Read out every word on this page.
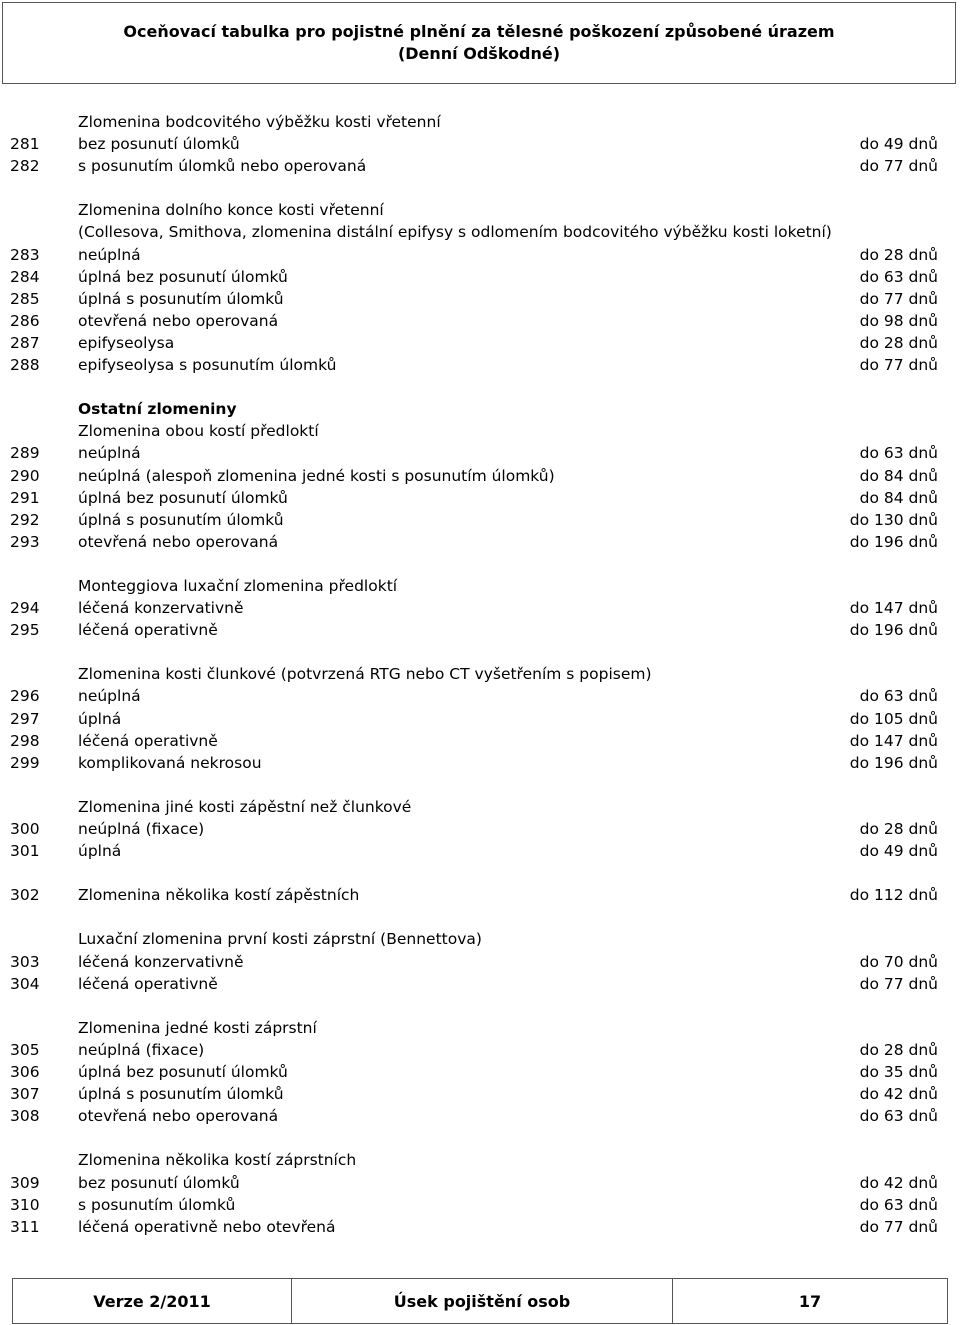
Oceňovací tabulka pro pojistné plnění za tělesné poškození způsobené úrazem
(Denní Odškodné)
Zlomenina bodcovitého výběžku kosti vřetenní
281 bez posunutí úlomků	do 49 dnů
282 s posunutím úlomků nebo operovaná	do 77 dnů
Zlomenina dolního konce kosti vřetenní
(Collesova, Smithova, zlomenina distální epifysy s odlomením bodcovitého výběžku kosti loketní)
283 neúplná	do 28 dnů
284 úplná bez posunutí úlomků	do 63 dnů
285 úplná s posunutím úlomků	do 77 dnů
286 otevřená nebo operovaná	do 98 dnů
287 epifyseolysa	do 28 dnů
288 epifyseolysa s posunutím úlomků	do 77 dnů
Ostatní zlomeniny
Zlomenina obou kostí předloktí
289 neúplná	do 63 dnů
290 neúplná (alespoň zlomenina jedné kosti s posunutím úlomků)	do 84 dnů
291 úplná bez posunutí úlomků	do 84 dnů
292 úplná s posunutím úlomků	do 130 dnů
293 otevřená nebo operovaná	do 196 dnů
Monteggiova luxační zlomenina předloktí
294 léčená konzervativně	do 147 dnů
295 léčená operativně	do 196 dnů
Zlomenina kosti člunkové (potvrzená RTG nebo CT vyšetřením s popisem)
296 neúplná	do 63 dnů
297 úplná	do 105 dnů
298 léčená operativně	do 147 dnů
299 komplikovaná nekrosou	do 196 dnů
Zlomenina jiné kosti zápěstní než člunkové
300 neúplná (fixace)	do 28 dnů
301 úplná	do 49 dnů
302 Zlomenina několika kostí zápěstních	do 112 dnů
Luxační zlomenina první kosti záprstní (Bennettova)
303 léčená konzervativně	do 70 dnů
304 léčená operativně	do 77 dnů
Zlomenina jedné kosti záprstní
305 neúplná (fixace)	do 28 dnů
306 úplná bez posunutí úlomků	do 35 dnů
307 úplná s posunutím úlomků	do 42 dnů
308 otevřená nebo operovaná	do 63 dnů
Zlomenina několika kostí záprstních
309 bez posunutí úlomků	do 42 dnů
310 s posunutím úlomků	do 63 dnů
311 léčená operativně nebo otevřená	do 77 dnů
Verze 2/2011	Úsek pojištění osob	17
